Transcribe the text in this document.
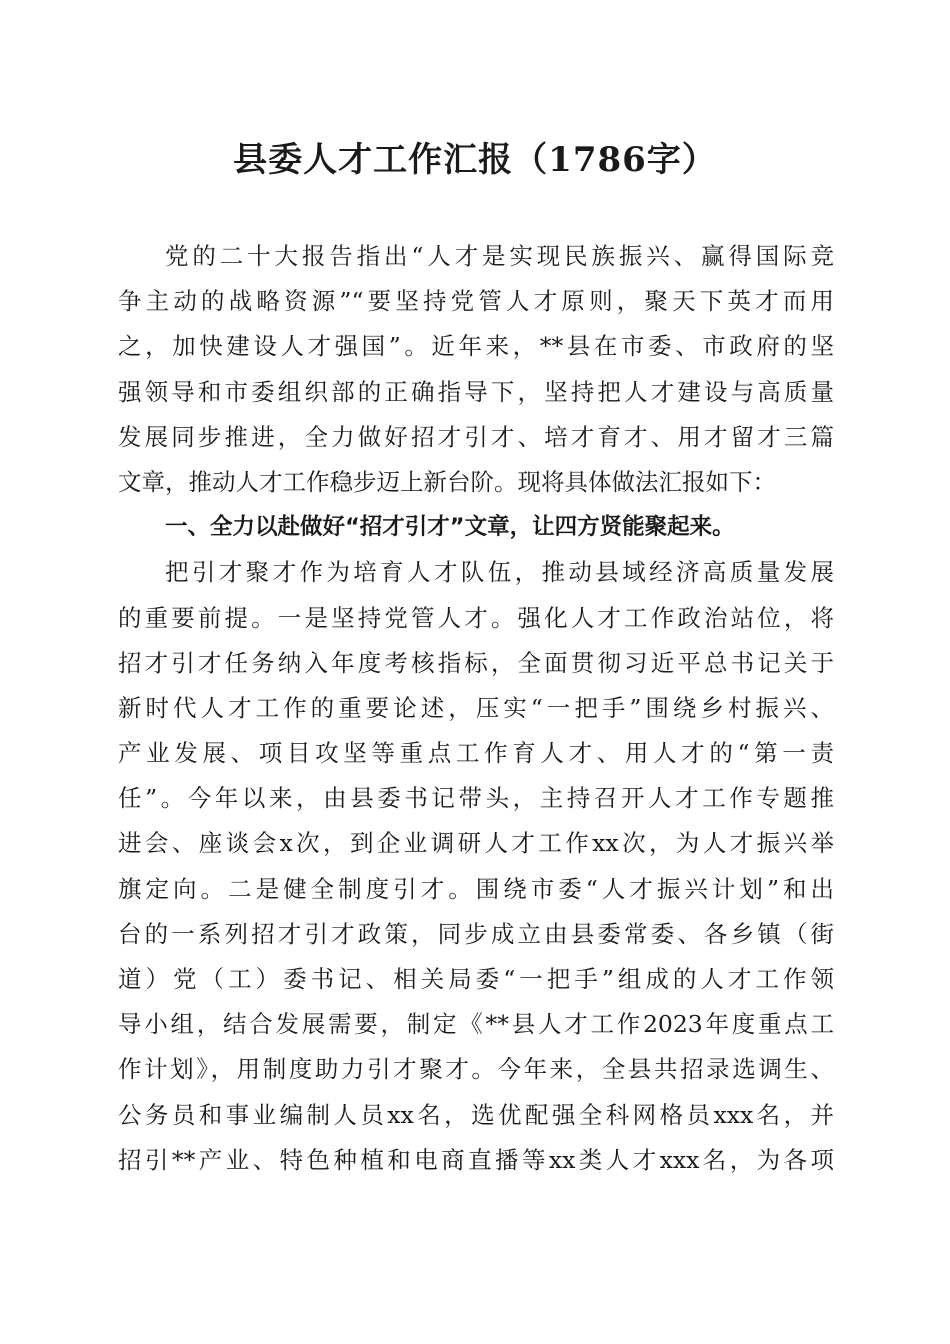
县委人才工作汇报（1786字）
党的二十大报告指出“人才是实现民族振兴、赢得国际竞
争主动的战略资源”“要坚持党管人才原则，聚天下英才而用
之，加快建设人才强国”。近年来，**县在市委、市政府的坚
强领导和市委组织部的正确指导下，坚持把人才建设与高质量
发展同步推进，全力做好招才引才、培才育才、用才留才三篇
文章，推动人才工作稳步迈上新台阶。现将具体做法汇报如下：
一、全力以赴做好“招才引才”文章，让四方贤能聚起来。
把引才聚才作为培育人才队伍，推动县域经济高质量发展
的重要前提。一是坚持党管人才。强化人才工作政治站位，将
招才引才任务纳入年度考核指标，全面贯彻习近平总书记关于
新时代人才工作的重要论述，压实“一把手”围绕乡村振兴、
产业发展、项目攻坚等重点工作育人才、用人才的“第一责
任”。今年以来，由县委书记带头，主持召开人才工作专题推
进会、座谈会x次，到企业调研人才工作xx次，为人才振兴举
旗定向。二是健全制度引才。围绕市委“人才振兴计划”和出
台的一系列招才引才政策，同步成立由县委常委、各乡镇（街
道）党（工）委书记、相关局委“一把手”组成的人才工作领
导小组，结合发展需要，制定《**县人才工作2023年度重点工
作计划》，用制度助力引才聚才。今年来，全县共招录选调生、
公务员和事业编制人员xx名，选优配强全科网格员xxx名，并
招引**产业、特色种植和电商直播等xx类人才xxx名，为各项
